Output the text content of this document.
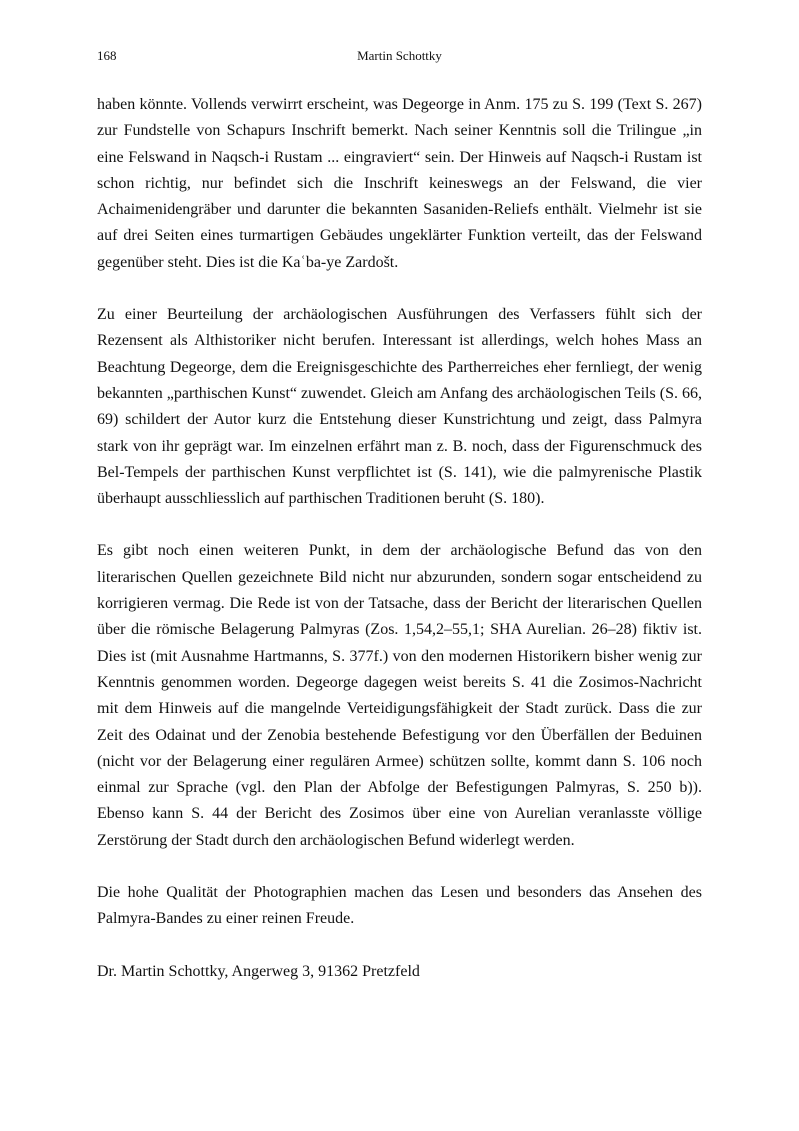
168	Martin Schottky

haben könnte. Vollends verwirrt erscheint, was Degeorge in Anm. 175 zu S. 199 (Text S. 267) zur Fundstelle von Schapurs Inschrift bemerkt. Nach seiner Kenntnis soll die Trilingue „in eine Felswand in Naqsch-i Rustam ... eingraviert“ sein. Der Hinweis auf Naqsch-i Rustam ist schon richtig, nur befindet sich die Inschrift keineswegs an der Felswand, die vier Achaimenidengräber und darunter die bekannten Sasaniden-Reliefs enthält. Vielmehr ist sie auf drei Seiten eines turmartigen Gebäudes ungeklärter Funktion verteilt, das der Felswand gegenüber steht. Dies ist die Kaʿba-ye Zardošt.

Zu einer Beurteilung der archäologischen Ausführungen des Verfassers fühlt sich der Rezensent als Althistoriker nicht berufen. Interessant ist allerdings, welch hohes Mass an Beachtung Degeorge, dem die Ereignisgeschichte des Partherreiches eher fernliegt, der wenig bekannten „parthischen Kunst“ zuwendet. Gleich am Anfang des archäologischen Teils (S. 66, 69) schildert der Autor kurz die Entstehung dieser Kunstrichtung und zeigt, dass Palmyra stark von ihr geprägt war. Im einzelnen erfährt man z. B. noch, dass der Figurenschmuck des Bel-Tempels der parthischen Kunst verpflichtet ist (S. 141), wie die palmyrenische Plastik überhaupt ausschliesslich auf parthischen Traditionen beruht (S. 180).

Es gibt noch einen weiteren Punkt, in dem der archäologische Befund das von den literarischen Quellen gezeichnete Bild nicht nur abzurunden, sondern sogar entscheidend zu korrigieren vermag. Die Rede ist von der Tatsache, dass der Bericht der literarischen Quellen über die römische Belagerung Palmyras (Zos. 1,54,2–55,1; SHA Aurelian. 26–28) fiktiv ist. Dies ist (mit Ausnahme Hartmanns, S. 377f.) von den modernen Historikern bisher wenig zur Kenntnis genommen worden. Degeorge dagegen weist bereits S. 41 die Zosimos-Nachricht mit dem Hinweis auf die mangelnde Verteidigungsfähigkeit der Stadt zurück. Dass die zur Zeit des Odainat und der Zenobia bestehende Befestigung vor den Überfällen der Beduinen (nicht vor der Belagerung einer regulären Armee) schützen sollte, kommt dann S. 106 noch einmal zur Sprache (vgl. den Plan der Abfolge der Befestigungen Palmyras, S. 250 b)). Ebenso kann S. 44 der Bericht des Zosimos über eine von Aurelian veranlasste völlige Zerstörung der Stadt durch den archäologischen Befund widerlegt werden.

Die hohe Qualität der Photographien machen das Lesen und besonders das Ansehen des Palmyra-Bandes zu einer reinen Freude.

Dr. Martin Schottky, Angerweg 3, 91362 Pretzfeld
